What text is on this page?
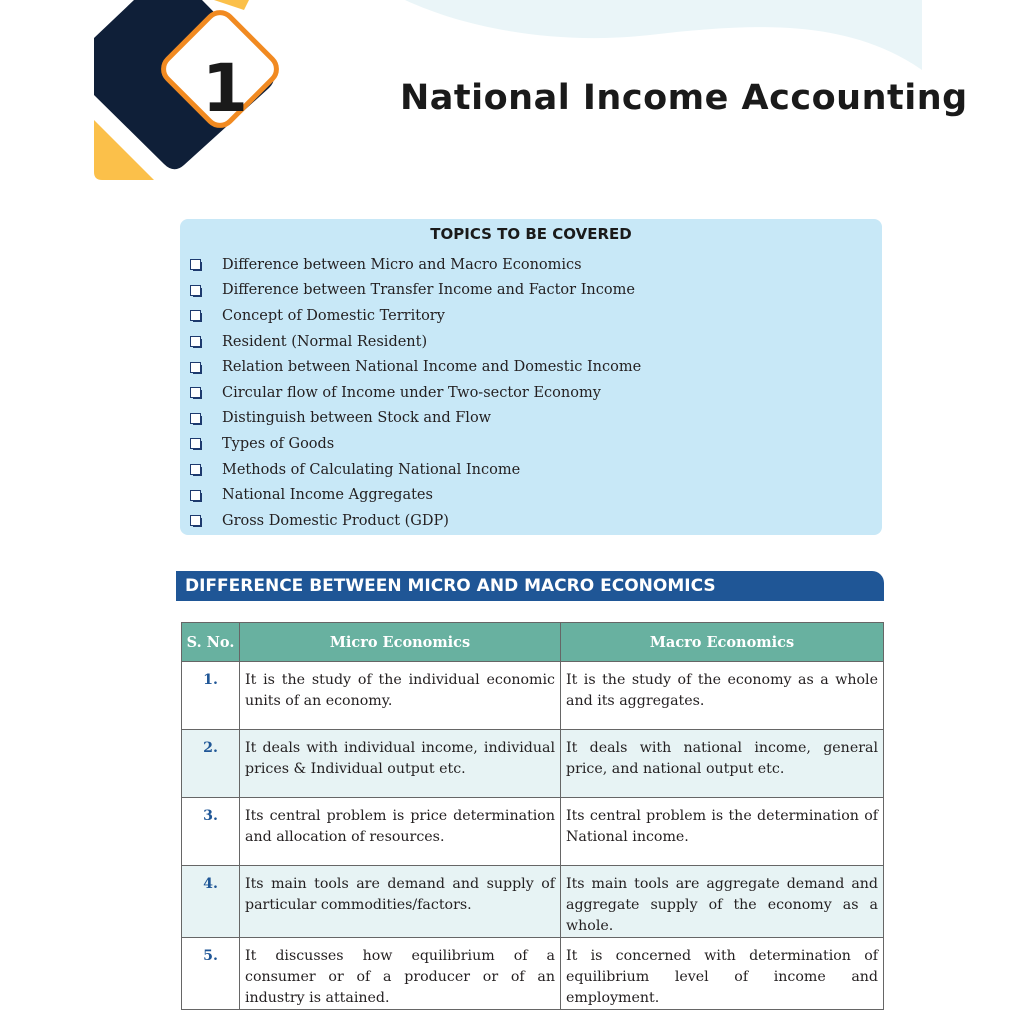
1	National Income Accounting
TOPICS TO BE COVERED
Difference between Micro and Macro Economics
Difference between Transfer Income and Factor Income
Concept of Domestic Territory
Resident (Normal Resident)
Relation between National Income and Domestic Income
Circular flow of Income under Two-sector Economy
Distinguish between Stock and Flow
Types of Goods
Methods of Calculating National Income
National Income Aggregates
Gross Domestic Product (GDP)
DIFFERENCE BETWEEN MICRO AND MACRO ECONOMICS
S. No.	Micro Economics	Macro Economics
1.	It is the study of the individual economic units of an economy.	It is the study of the economy as a whole and its aggregates.
2.	It deals with individual income, individual prices & Individual output etc.	It deals with national income, general price, and national output etc.
3.	Its central problem is price determination and allocation of resources.	Its central problem is the determination of National income.
4.	Its main tools are demand and supply of particular commodities/factors.	Its main tools are aggregate demand and aggregate supply of the economy as a whole.
5.	It discusses how equilibrium of a consumer or of a producer or of an industry is attained.	It is concerned with determination of equilibrium level of income and employment.
